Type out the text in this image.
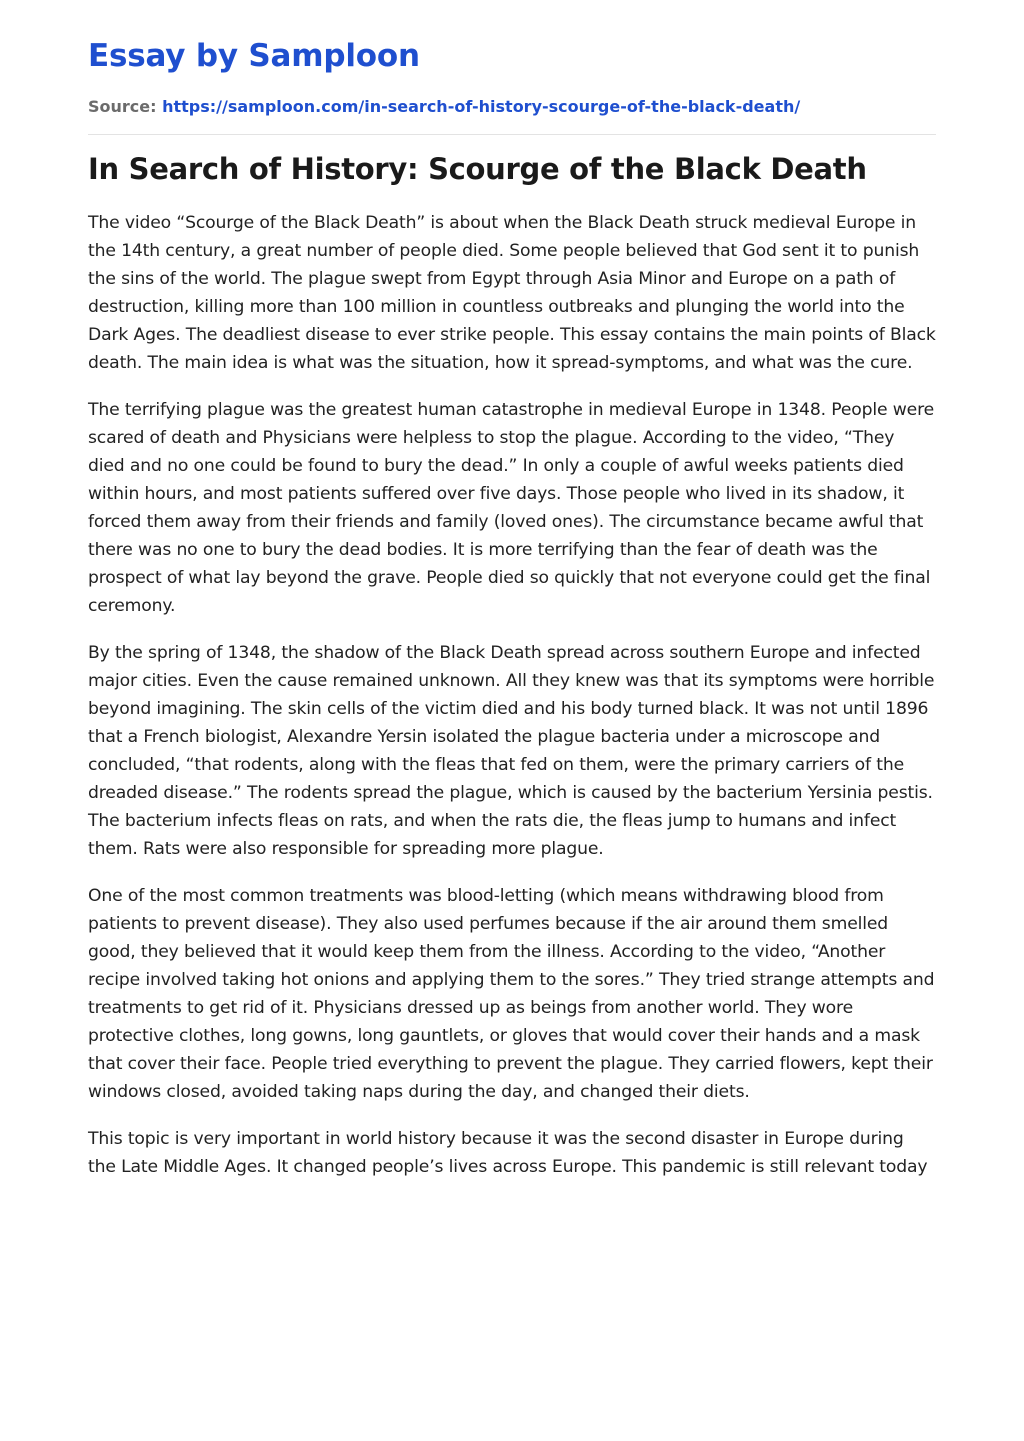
Essay by Samploon
Source: https://samploon.com/in-search-of-history-scourge-of-the-black-death/
In Search of History: Scourge of the Black Death

The video “Scourge of the Black Death” is about when the Black Death struck medieval Europe in the 14th century, a great number of people died. Some people believed that God sent it to punish the sins of the world. The plague swept from Egypt through Asia Minor and Europe on a path of destruction, killing more than 100 million in countless outbreaks and plunging the world into the Dark Ages. The deadliest disease to ever strike people. This essay contains the main points of Black death. The main idea is what was the situation, how it spread-symptoms, and what was the cure.

The terrifying plague was the greatest human catastrophe in medieval Europe in 1348. People were scared of death and Physicians were helpless to stop the plague. According to the video, “They died and no one could be found to bury the dead.” In only a couple of awful weeks patients died within hours, and most patients suffered over five days. Those people who lived in its shadow, it forced them away from their friends and family (loved ones). The circumstance became awful that there was no one to bury the dead bodies. It is more terrifying than the fear of death was the prospect of what lay beyond the grave. People died so quickly that not everyone could get the final ceremony.

By the spring of 1348, the shadow of the Black Death spread across southern Europe and infected major cities. Even the cause remained unknown. All they knew was that its symptoms were horrible beyond imagining. The skin cells of the victim died and his body turned black. It was not until 1896 that a French biologist, Alexandre Yersin isolated the plague bacteria under a microscope and concluded, “that rodents, along with the fleas that fed on them, were the primary carriers of the dreaded disease.” The rodents spread the plague, which is caused by the bacterium Yersinia pestis. The bacterium infects fleas on rats, and when the rats die, the fleas jump to humans and infect them. Rats were also responsible for spreading more plague.

One of the most common treatments was blood-letting (which means withdrawing blood from patients to prevent disease). They also used perfumes because if the air around them smelled good, they believed that it would keep them from the illness. According to the video, “Another recipe involved taking hot onions and applying them to the sores.” They tried strange attempts and treatments to get rid of it. Physicians dressed up as beings from another world. They wore protective clothes, long gowns, long gauntlets, or gloves that would cover their hands and a mask that cover their face. People tried everything to prevent the plague. They carried flowers, kept their windows closed, avoided taking naps during the day, and changed their diets.

This topic is very important in world history because it was the second disaster in Europe during the Late Middle Ages. It changed people’s lives across Europe. This pandemic is still relevant today
